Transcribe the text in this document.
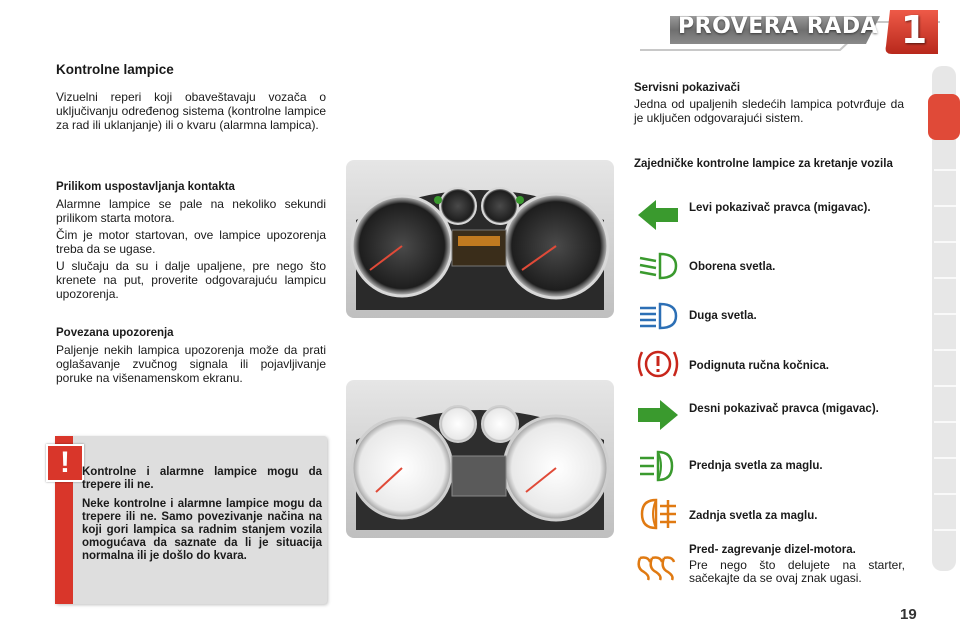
PROVERA RADA 1
Kontrolne lampice
Vizuelni reperi koji obaveštavaju vozača o uključivanju određenog sistema (kontrolne lampice za rad ili uklanjanje) ili o kvaru (alarmna lampica).
Prilikom uspostavljanja kontakta
Alarmne lampice se pale na nekoliko sekundi prilikom starta motora.
Čim je motor startovan, ove lampice upozorenja treba da se ugase.
U slučaju da su i dalje upaljene, pre nego što krenete na put, proverite odgovarajuću lampicu upozorenja.
Povezana upozorenja
Paljenje nekih lampica upozorenja može da prati oglašavanje zvučnog signala ili pojavljivanje poruke na višenamenskom ekranu.
!	Kontrolne i alarmne lampice mogu da trepere ili ne.
Neke kontrolne i alarmne lampice mogu da trepere ili ne. Samo povezivanje načina na koji gori lampica sa radnim stanjem vozila omogućava da saznate da li je situacija normalna ili je došlo do kvara.
Servisni pokazivači
Jedna od upaljenih sledećih lampica potvrđuje da je uključen odgovarajući sistem.
Zajedničke kontrolne lampice za kretanje vozila
Levi pokazivač pravca (migavac).
Oborena svetla.
Duga svetla.
Podignuta ručna kočnica.
Desni pokazivač pravca (migavac).
Prednja svetla za maglu.
Zadnja svetla za maglu.
Pred- zagrevanje dizel-motora.
Pre nego što delujete na starter, sačekajte da se ovaj znak ugasi.
19
